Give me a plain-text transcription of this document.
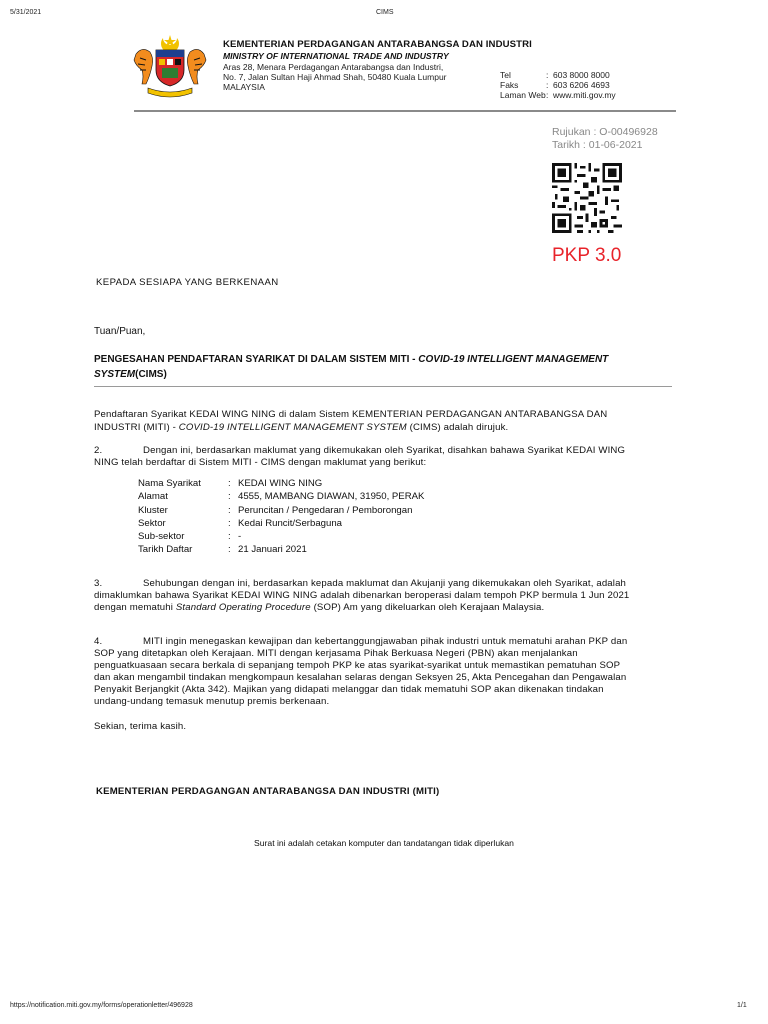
5/31/2021	CIMS
KEMENTERIAN PERDAGANGAN ANTARABANGSA DAN INDUSTRI
MINISTRY OF INTERNATIONAL TRADE AND INDUSTRY
Aras 28, Menara Perdagangan Antarabangsa dan Industri,
No. 7, Jalan Sultan Haji Ahmad Shah, 50480 Kuala Lumpur
MALAYSIA
Tel	: 603 8000 8000
Faks	: 603 6206 4693
Laman Web : www.miti.gov.my
Rujukan : O-00496928
Tarikh : 01-06-2021
PKP 3.0
KEPADA SESIAPA YANG BERKENAAN
Tuan/Puan,
PENGESAHAN PENDAFTARAN SYARIKAT DI DALAM SISTEM MITI - COVID-19 INTELLIGENT MANAGEMENT
SYSTEM(CIMS)
Pendaftaran Syarikat KEDAI WING NING di dalam Sistem KEMENTERIAN PERDAGANGAN ANTARABANGSA DAN
INDUSTRI (MITI) - COVID-19 INTELLIGENT MANAGEMENT SYSTEM (CIMS) adalah dirujuk.
2.	Dengan ini, berdasarkan maklumat yang dikemukakan oleh Syarikat, disahkan bahawa Syarikat KEDAI WING
NING telah berdaftar di Sistem MITI - CIMS dengan maklumat yang berikut:
Nama Syarikat	: KEDAI WING NING
Alamat	: 4555, MAMBANG DIAWAN, 31950, PERAK
Kluster	: Peruncitan / Pengedaran / Pemborongan
Sektor	: Kedai Runcit/Serbaguna
Sub-sektor	: -
Tarikh Daftar	: 21 Januari 2021
3.	Sehubungan dengan ini, berdasarkan kepada maklumat dan Akujanji yang dikemukakan oleh Syarikat, adalah
dimaklumkan bahawa Syarikat KEDAI WING NING adalah dibenarkan beroperasi dalam tempoh PKP bermula 1 Jun 2021
dengan mematuhi Standard Operating Procedure (SOP) Am yang dikeluarkan oleh Kerajaan Malaysia.
4.	MITI ingin menegaskan kewajipan dan kebertanggungjawaban pihak industri untuk mematuhi arahan PKP dan
SOP yang ditetapkan oleh Kerajaan. MITI dengan kerjasama Pihak Berkuasa Negeri (PBN) akan menjalankan
penguatkuasaan secara berkala di sepanjang tempoh PKP ke atas syarikat-syarikat untuk memastikan pematuhan SOP
dan akan mengambil tindakan mengkompaun kesalahan selaras dengan Seksyen 25, Akta Pencegahan dan Pengawalan
Penyakit Berjangkit (Akta 342). Majikan yang didapati melanggar dan tidak mematuhi SOP akan dikenakan tindakan
undang-undang temasuk menutup premis berkenaan.
Sekian, terima kasih.
KEMENTERIAN PERDAGANGAN ANTARABANGSA DAN INDUSTRI (MITI)
Surat ini adalah cetakan komputer dan tandatangan tidak diperlukan
https://notification.miti.gov.my/forms/operationletter/496928	1/1
